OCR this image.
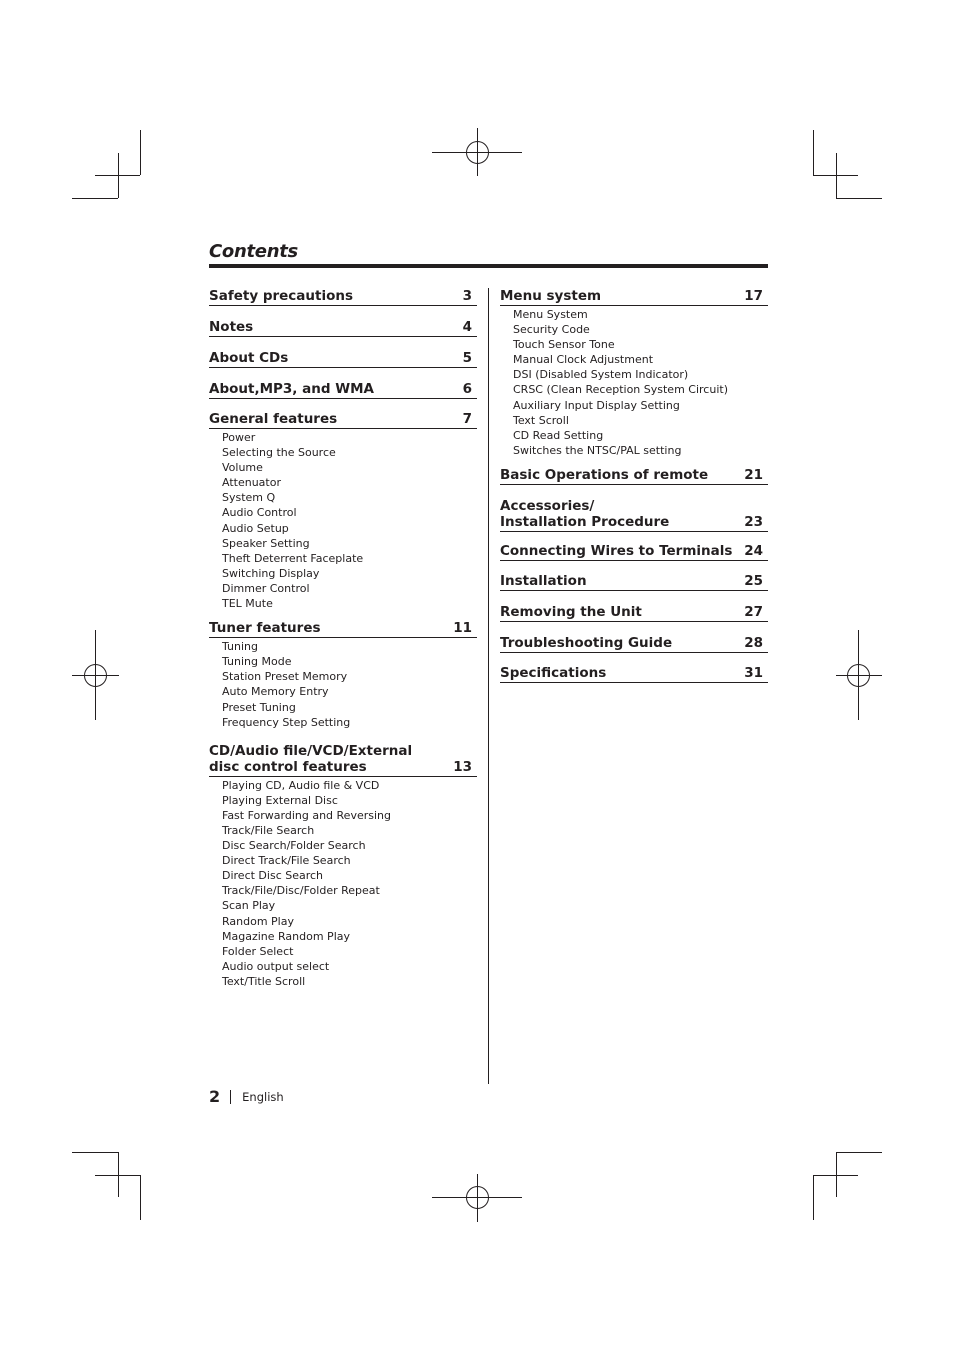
Contents
Safety precautions	3
Notes	4
About CDs	5
About,MP3, and WMA	6
General features	7
Power
Selecting the Source
Volume
Attenuator
System Q
Audio Control
Audio Setup
Speaker Setting
Theft Deterrent Faceplate
Switching Display
Dimmer Control
TEL Mute
Tuner features	11
Tuning
Tuning Mode
Station Preset Memory
Auto Memory Entry
Preset Tuning
Frequency Step Setting
CD/Audio file/VCD/External
disc control features	13
Playing CD, Audio file & VCD
Playing External Disc
Fast Forwarding and Reversing
Track/File Search
Disc Search/Folder Search
Direct Track/File Search
Direct Disc Search
Track/File/Disc/Folder Repeat
Scan Play
Random Play
Magazine Random Play
Folder Select
Audio output select
Text/Title Scroll
Menu system	17
Menu System
Security Code
Touch Sensor Tone
Manual Clock Adjustment
DSI (Disabled System Indicator)
CRSC (Clean Reception System Circuit)
Auxiliary Input Display Setting
Text Scroll
CD Read Setting
Switches the NTSC/PAL setting
Basic Operations of remote	21
Accessories/
Installation Procedure	23
Connecting Wires to Terminals 24
Installation	25
Removing the Unit	27
Troubleshooting Guide	28
Specifications	31
2 English
